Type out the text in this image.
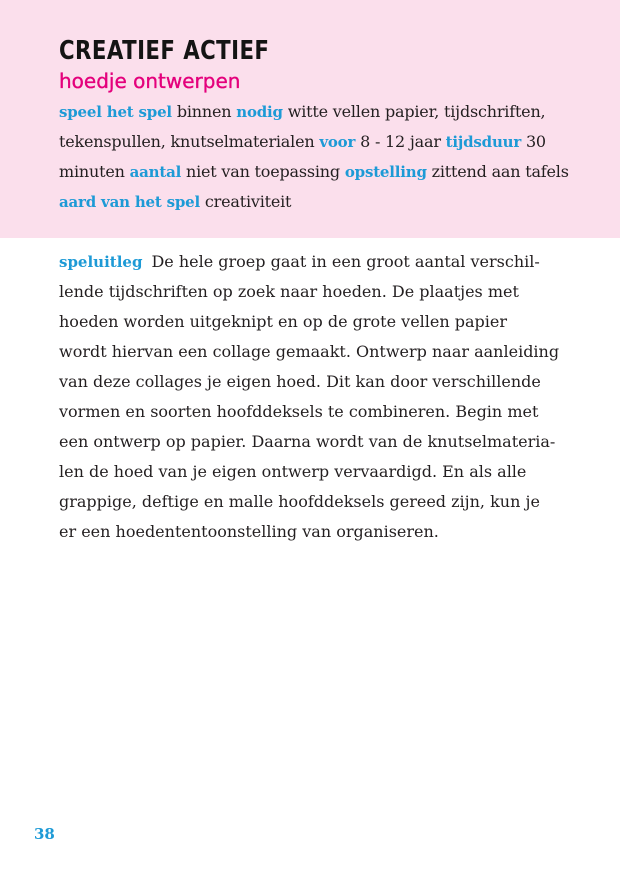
CREATIEF ACTIEF
hoedje ontwerpen
speel het spel binnen nodig witte vellen papier, tijdschriften,
tekenspullen, knutselmaterialen voor 8 - 12 jaar tijdsduur 30
minuten aantal niet van toepassing opstelling zittend aan tafels
aard van het spel creativiteit
speluitleg De hele groep gaat in een groot aantal verschil-
lende tijdschriften op zoek naar hoeden. De plaatjes met
hoeden worden uitgeknipt en op de grote vellen papier
wordt hiervan een collage gemaakt. Ontwerp naar aanleiding
van deze collages je eigen hoed. Dit kan door verschillende
vormen en soorten hoofddeksels te combineren. Begin met
een ontwerp op papier. Daarna wordt van de knutselmateria-
len de hoed van je eigen ontwerp vervaardigd. En als alle
grappige, deftige en malle hoofddeksels gereed zijn, kun je
er een hoedententoonstelling van organiseren.
38
